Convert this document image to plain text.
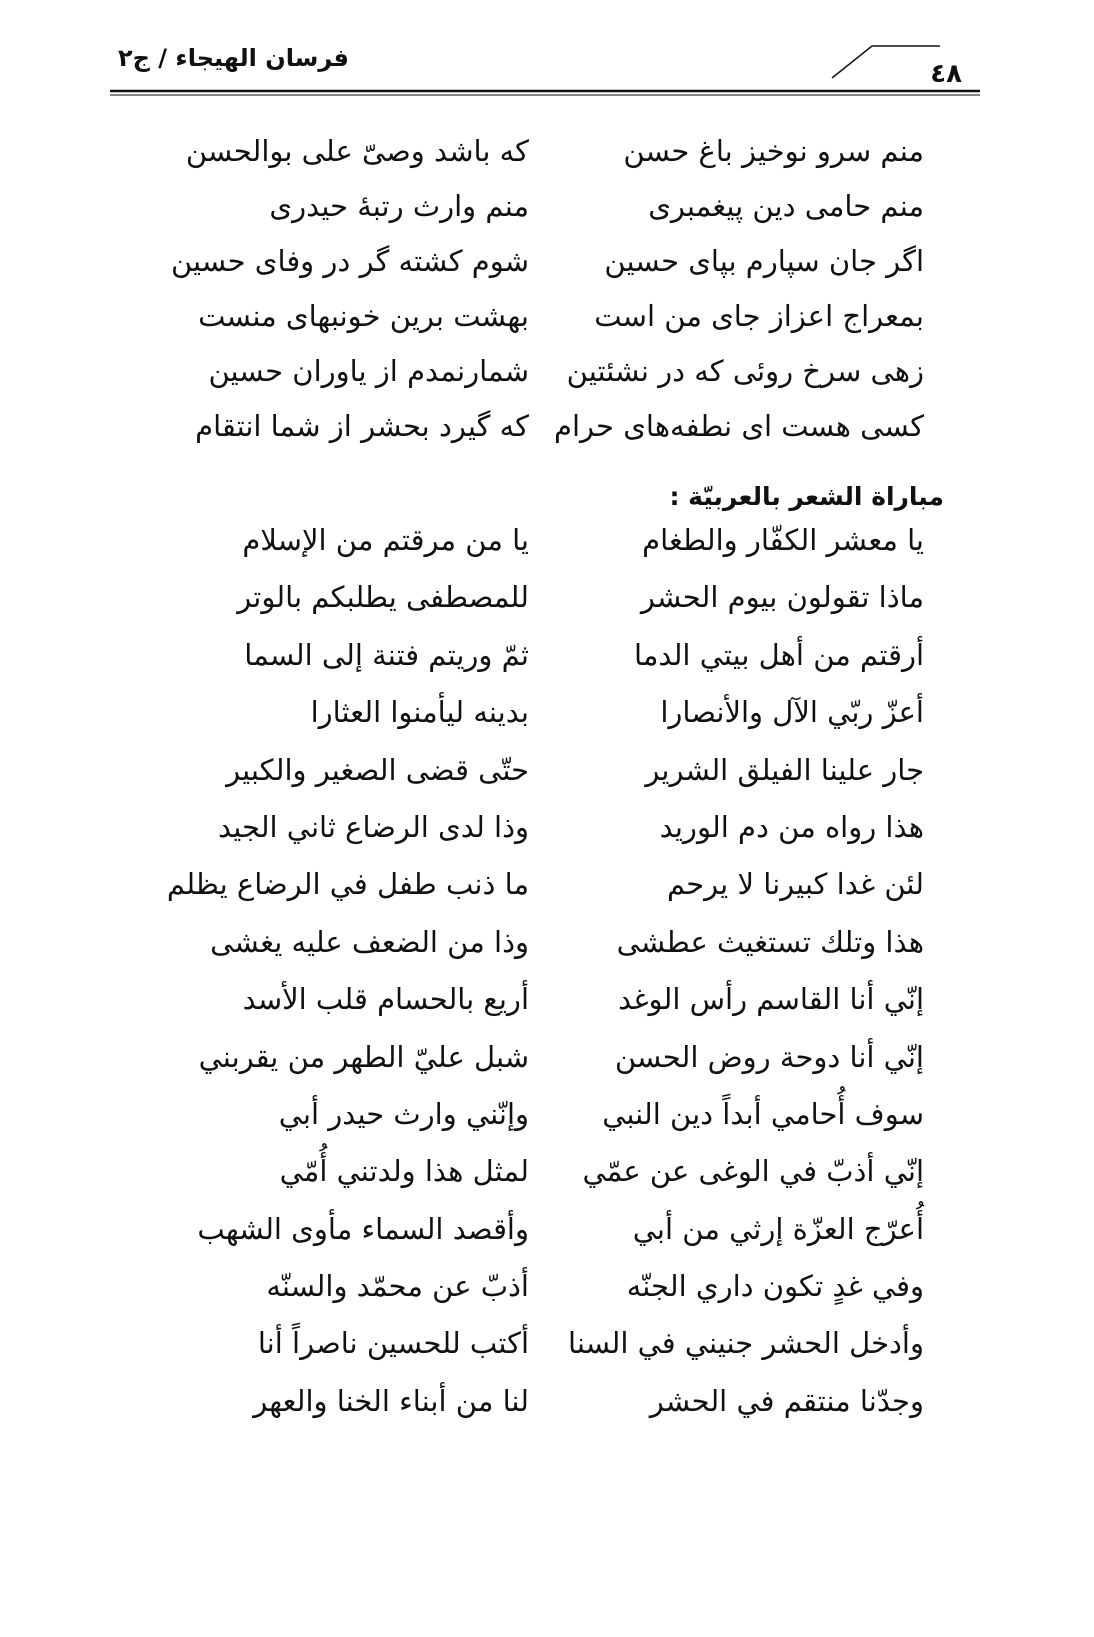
٤٨
فرسان الهيجاء / ج٢
منم سرو نوخیز باغ حسن
که باشد وصیّ علی بوالحسن
منم حامی دین پیغمبری
منم وارث رتبهٔ حیدری
اگر جان سپارم بپای حسین
شوم کشته گر در وفای حسین
بمعراج اعزاز جای من است
بهشت برین خونبهای منست
زهی سرخ روئی که در نشئتین
شمارنمدم از یاوران حسین
کسی هست ای نطفه‌های حرام
که گیرد بحشر از شما انتقام
مباراة الشعر بالعربيّة :
يا معشر الكفّار والطغام
يا من مرقتم من الإسلام
ماذا تقولون بيوم الحشر
للمصطفى يطلبكم بالوتر
أرقتم من أهل بيتي الدما
ثمّ وريتم فتنة إلى السما
أعزّ ربّي الآل والأنصارا
بدينه ليأمنوا العثارا
جار علينا الفيلق الشرير
حتّى قضى الصغير والكبير
هذا رواه من دم الوريد
وذا لدى الرضاع ثاني الجيد
لئن غدا كبيرنا لا يرحم
ما ذنب طفل في الرضاع يظلم
هذا وتلك تستغيث عطشى
وذا من الضعف عليه يغشى
إنّي أنا القاسم رأس الوغد
أريع بالحسام قلب الأسد
إنّي أنا دوحة روض الحسن
شبل عليّ الطهر من يقربني
سوف أُحامي أبداً دين النبي
وإنّني وارث حيدر أبي
إنّي أذبّ في الوغى عن عمّي
لمثل هذا ولدتني أُمّي
أُعرّج العزّة إرثي من أبي
وأقصد السماء مأوى الشهب
وفي غدٍ تكون داري الجنّه
أذبّ عن محمّد والسنّه
وأدخل الحشر جنيني في السنا
أكتب للحسين ناصراً أنا
وجدّنا منتقم في الحشر
لنا من أبناء الخنا والعهر
